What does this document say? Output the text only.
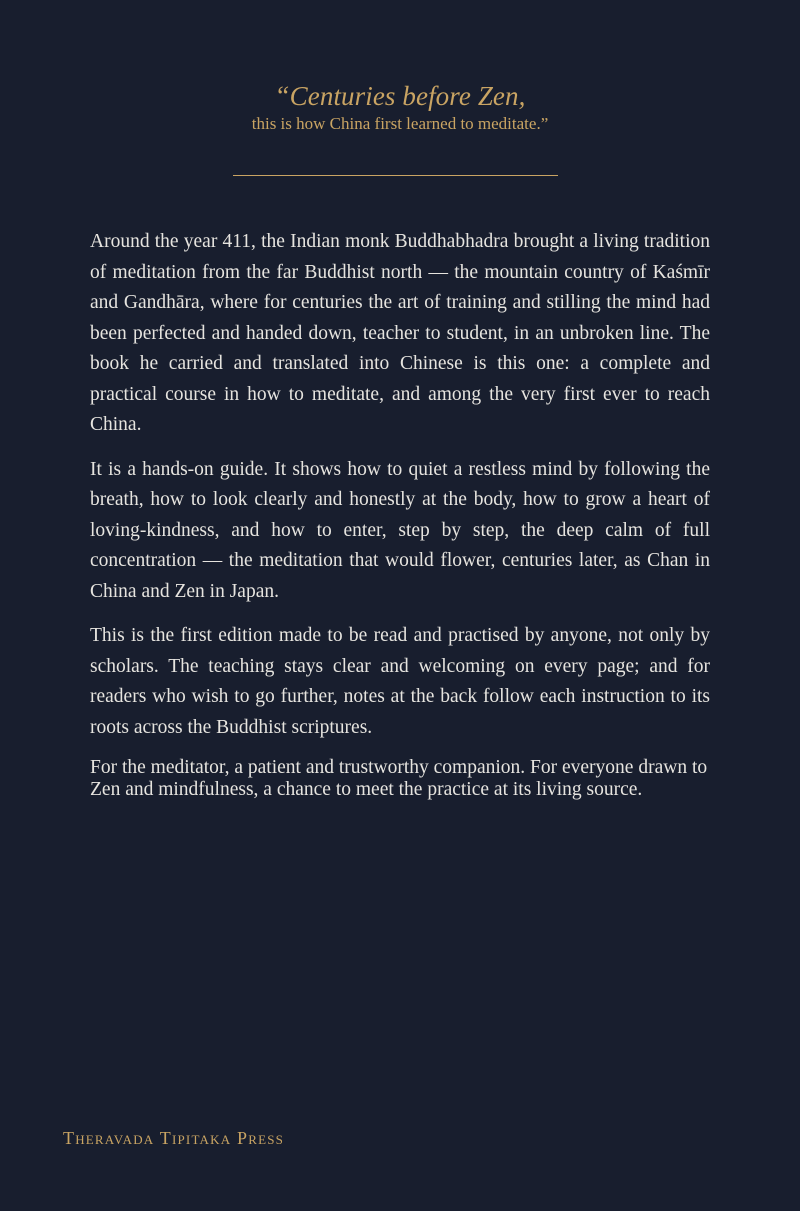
“Centuries before Zen,
this is how China first learned to meditate.”

Around the year 411, the Indian monk Buddhabhadra brought a living tradition of meditation from the far Buddhist north — the mountain country of Kaśmīr and Gandhāra, where for centuries the art of training and stilling the mind had been perfected and handed down, teacher to student, in an unbroken line. The book he carried and translated into Chinese is this one: a complete and practical course in how to meditate, and among the very first ever to reach China.

It is a hands-on guide. It shows how to quiet a restless mind by following the breath, how to look clearly and honestly at the body, how to grow a heart of loving-kindness, and how to enter, step by step, the deep calm of full concentration — the meditation that would flower, centuries later, as Chan in China and Zen in Japan.

This is the first edition made to be read and practised by anyone, not only by scholars. The teaching stays clear and welcoming on every page; and for readers who wish to go further, notes at the back follow each instruction to its roots across the Buddhist scriptures.

For the meditator, a patient and trustworthy companion. For everyone drawn to Zen and mindfulness, a chance to meet the practice at its living source.

Theravada Tipitaka Press
